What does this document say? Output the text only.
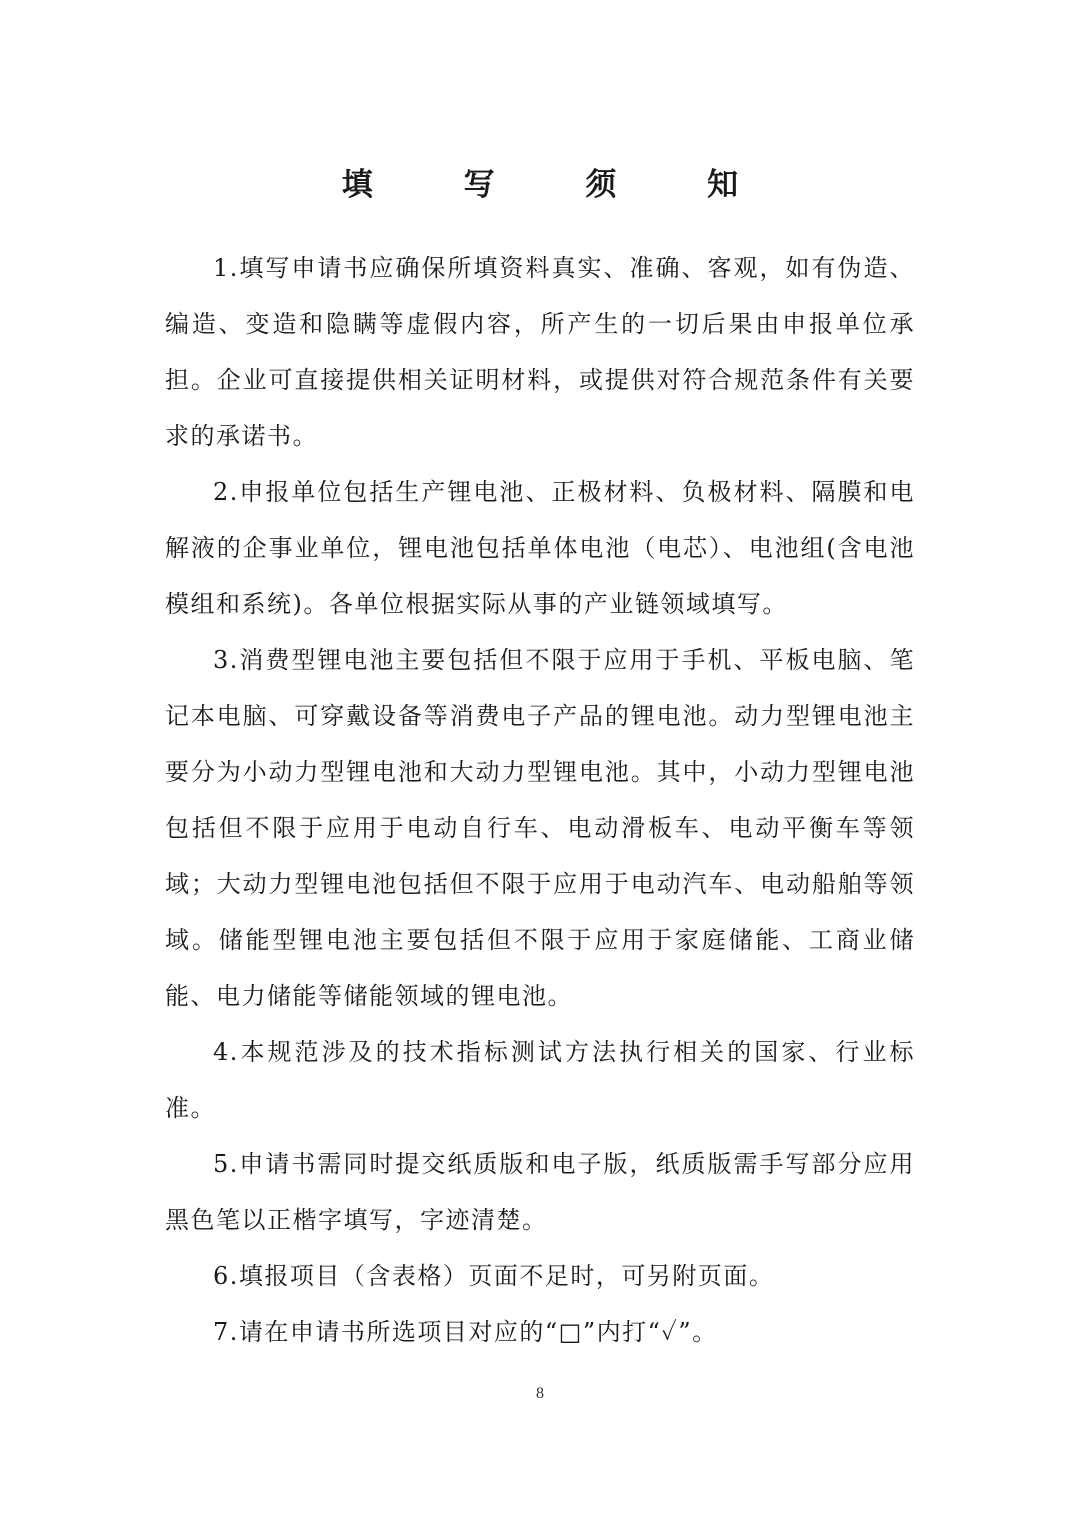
填 写 须 知

1.填写申请书应确保所填资料真实、准确、客观，如有伪造、编造、变造和隐瞒等虚假内容，所产生的一切后果由申报单位承担。企业可直接提供相关证明材料，或提供对符合规范条件有关要求的承诺书。

2.申报单位包括生产锂电池、正极材料、负极材料、隔膜和电解液的企事业单位，锂电池包括单体电池（电芯）、电池组(含电池模组和系统)。各单位根据实际从事的产业链领域填写。

3.消费型锂电池主要包括但不限于应用于手机、平板电脑、笔记本电脑、可穿戴设备等消费电子产品的锂电池。动力型锂电池主要分为小动力型锂电池和大动力型锂电池。其中，小动力型锂电池包括但不限于应用于电动自行车、电动滑板车、电动平衡车等领域；大动力型锂电池包括但不限于应用于电动汽车、电动船舶等领域。储能型锂电池主要包括但不限于应用于家庭储能、工商业储能、电力储能等储能领域的锂电池。

4.本规范涉及的技术指标测试方法执行相关的国家、行业标准。

5.申请书需同时提交纸质版和电子版，纸质版需手写部分应用黑色笔以正楷字填写，字迹清楚。

6.填报项目（含表格）页面不足时，可另附页面。

7.请在申请书所选项目对应的“□”内打“✓”。

8
